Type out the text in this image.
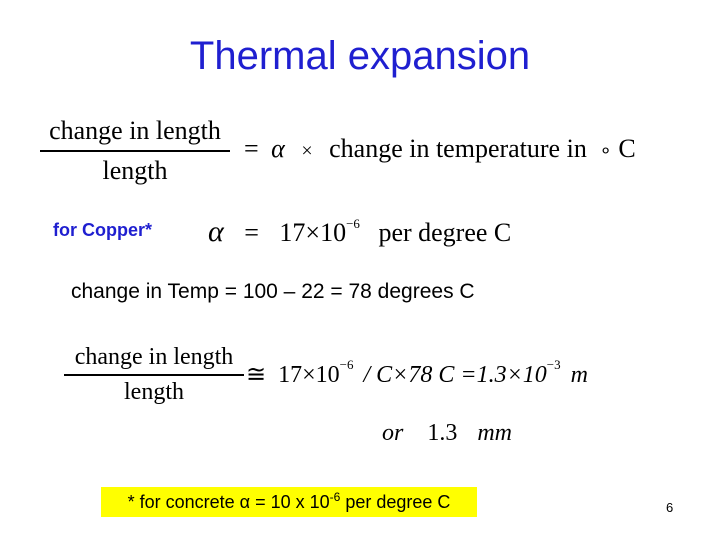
Thermal expansion
change in length
length
= α × change in temperature in ∘ C
for Copper* $\alpha = 17\times 10^{-6}$ per degree C
change in Temp = 100 – 22 = 78 degrees C
change in length
length
≅ $17\times 10^{-6} / C\times 78$ $C =1.3\times 10^{-3}$ m
or 1.3 mm
* for concrete α = 10 x $10^{-6}$ per degree C	6
